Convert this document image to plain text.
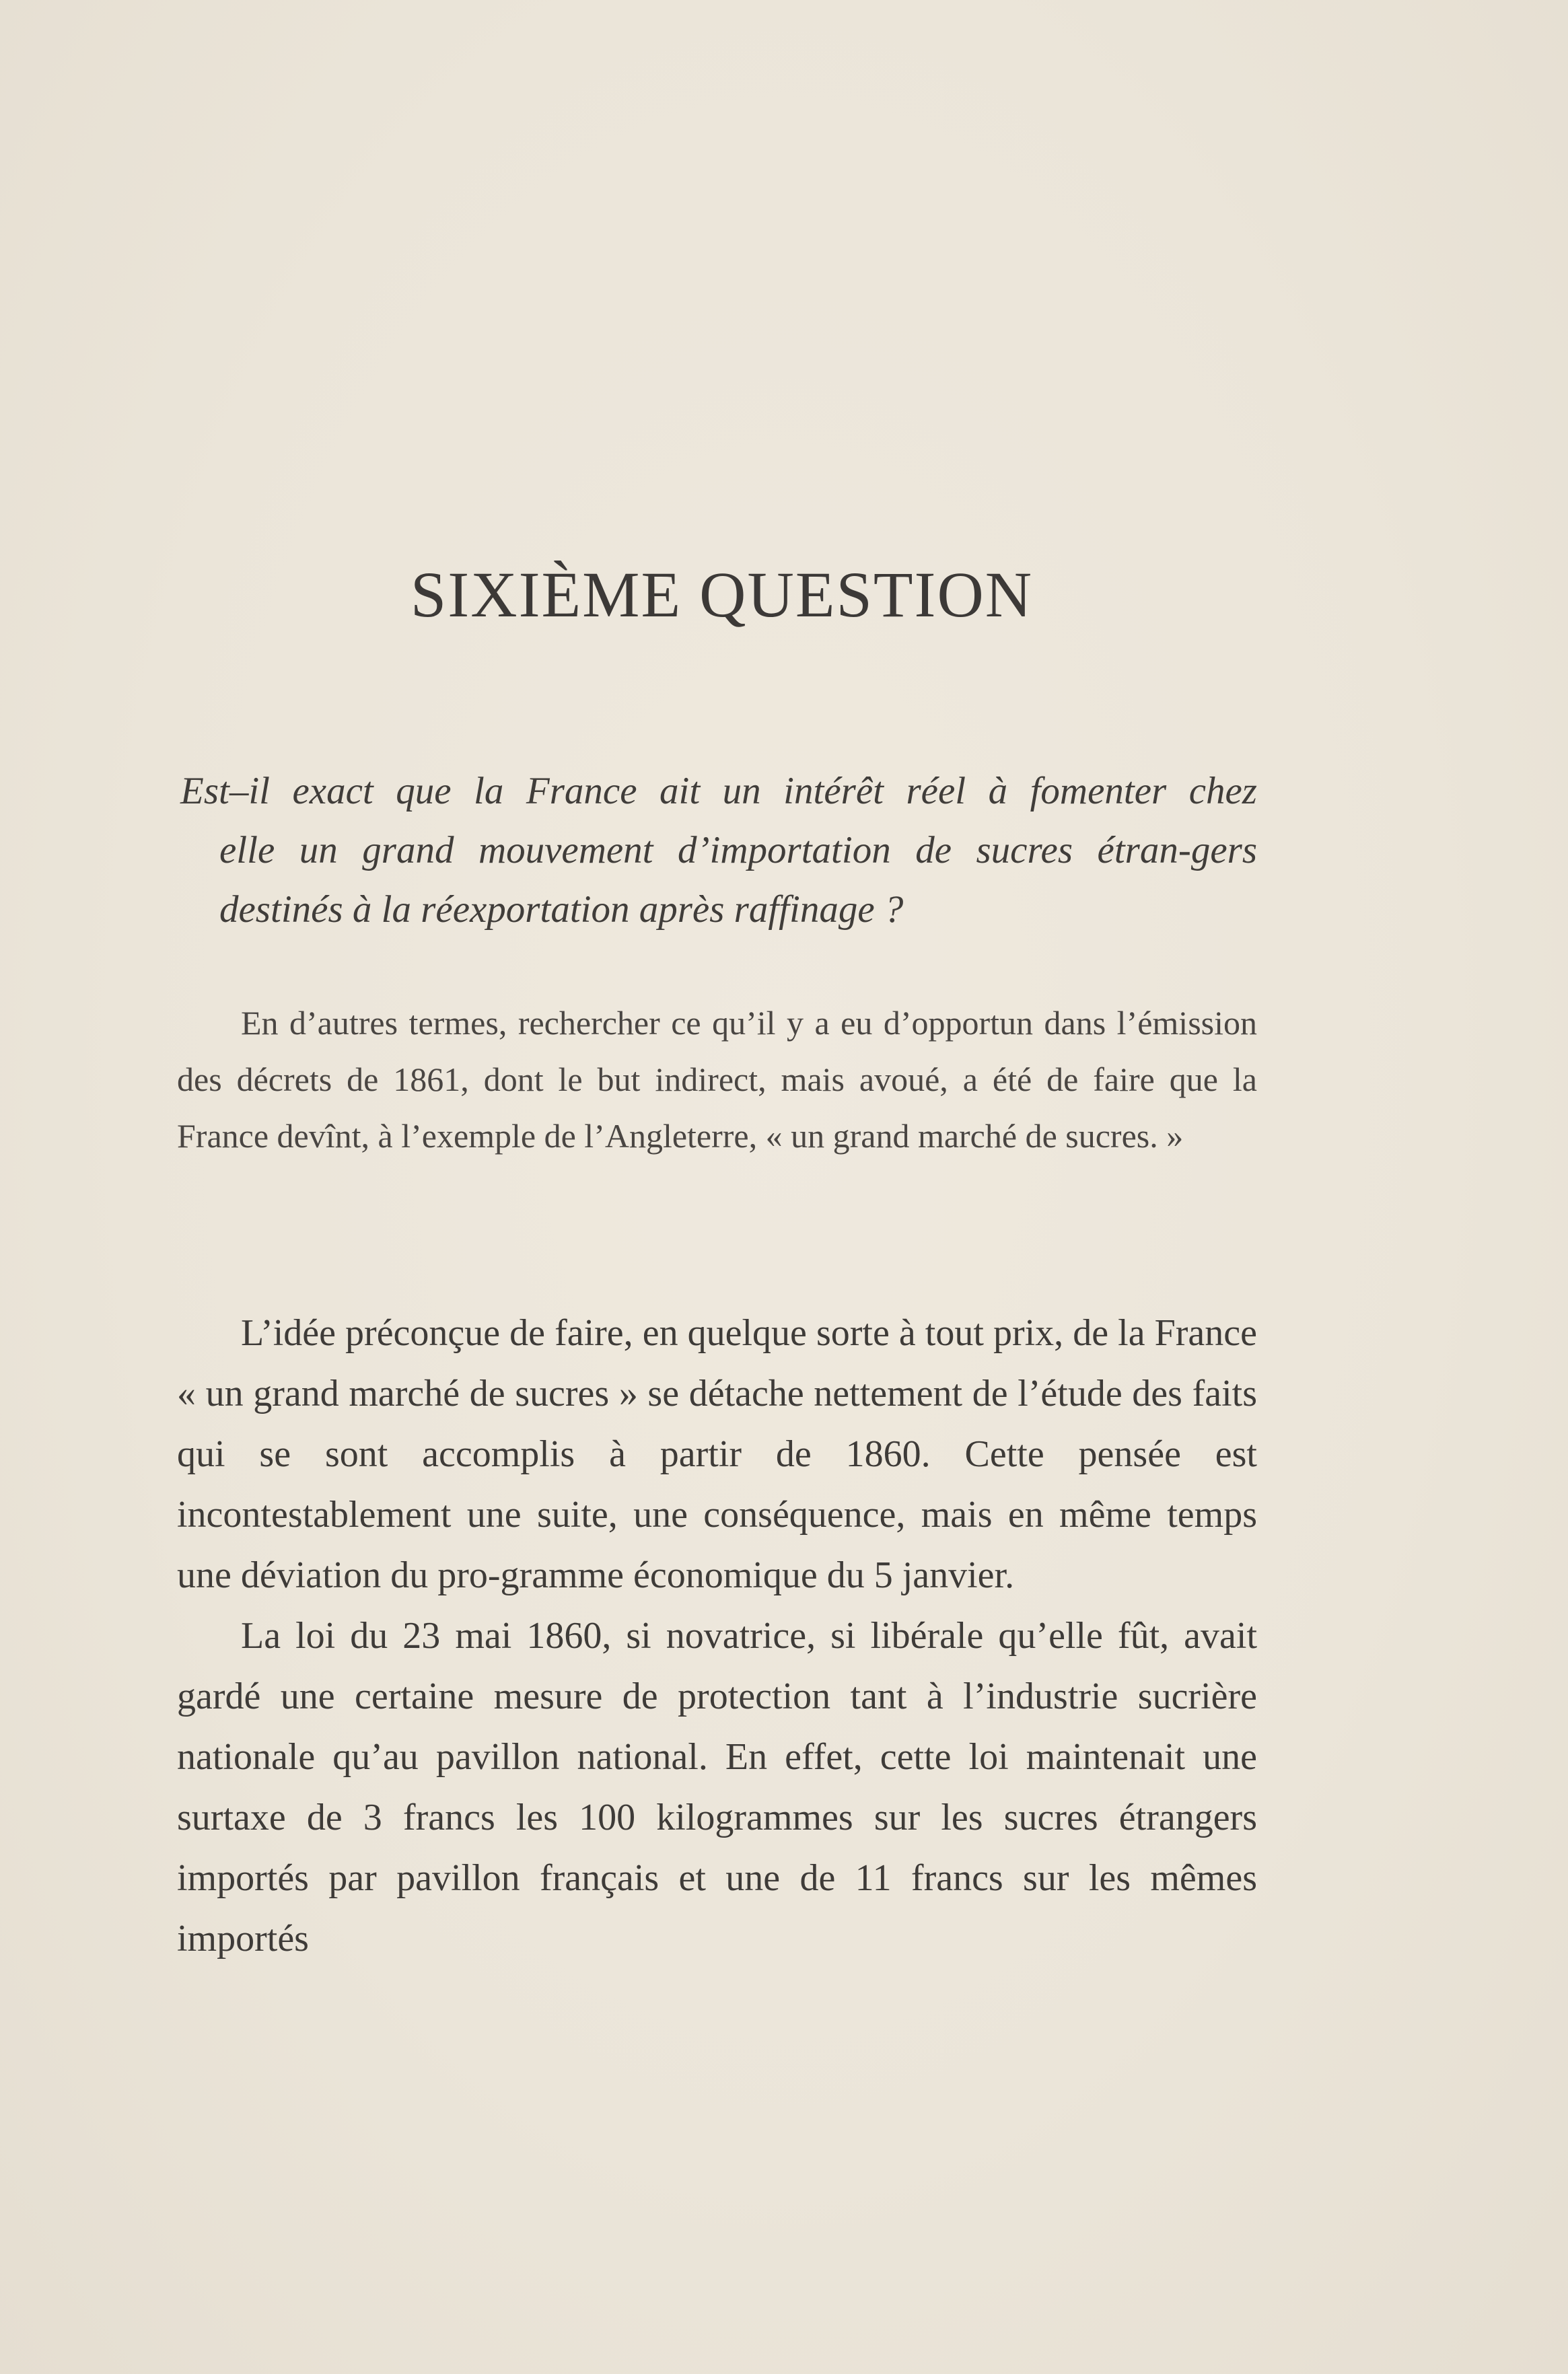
SIXIÈME QUESTION
Est–il exact que la France ait un intérêt réel à fomenter chez
elle un grand mouvement d’importation de sucres étran-gers destinés à la réexportation après raffinage ?
En d’autres termes, rechercher ce qu’il y a eu d’opportun dans l’émission des décrets de 1861, dont le but indirect, mais avoué, a été de faire que la France devînt, à l’exemple de l’Angleterre, « un grand marché de sucres. »

L’idée préconçue de faire, en quelque sorte à tout prix, de la France « un grand marché de sucres » se détache nettement de l’étude des faits qui se sont accomplis à partir de 1860. Cette pensée est incontestablement une suite, une conséquence, mais en même temps une déviation du pro-gramme économique du 5 janvier.

La loi du 23 mai 1860, si novatrice, si libérale qu’elle fût, avait gardé une certaine mesure de protection tant à l’industrie sucrière nationale qu’au pavillon national. En effet, cette loi maintenait une surtaxe de 3 francs les 100 kilogrammes sur les sucres étrangers importés par pavillon français et une de 11 francs sur les mêmes importés
